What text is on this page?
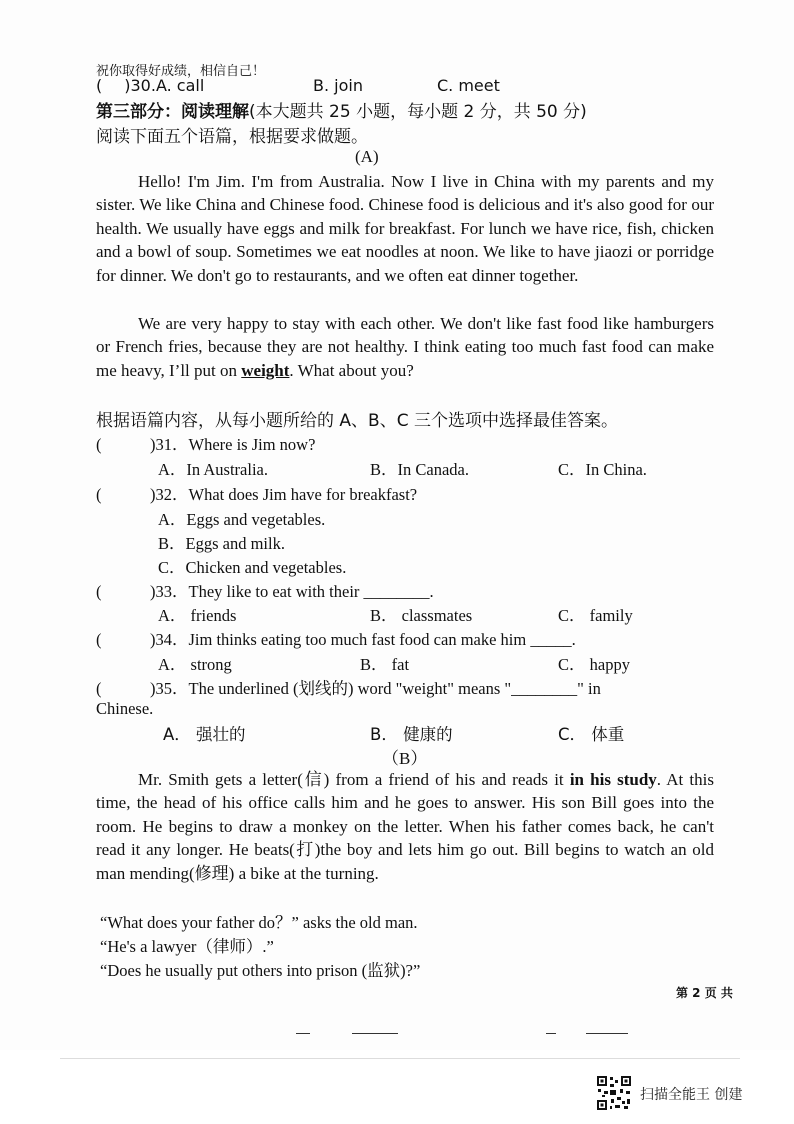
祝你取得好成绩，相信自己！
( )30.A. call	B. join	C. meet
第三部分：阅读理解(本大题共 25 小题，每小题 2 分，共 50 分)
阅读下面五个语篇，根据要求做题。
(A)
Hello! I'm Jim. I'm from Australia. Now I live in China with my parents and my sister. We like China and Chinese food. Chinese food is delicious and it's also good for our health. We usually have eggs and milk for breakfast. For lunch we have rice, fish, chicken and a bowl of soup. Sometimes we eat noodles at noon. We like to have jiaozi or porridge for dinner. We don't go to restaurants, and we often eat dinner together.
We are very happy to stay with each other. We don't like fast food like hamburgers or French fries, because they are not healthy. I think eating too much fast food can make me heavy, I’ll put on weight. What about you?
根据语篇内容，从每小题所给的 A、B、C 三个选项中选择最佳答案。
(	)31．Where is Jim now?
A．In Australia.	B．In Canada.	C．In China.
(	)32．What does Jim have for breakfast?
A．Eggs and vegetables.
B．Eggs and milk.
C．Chicken and vegetables.
(	)33．They like to eat with their ________.
A． friends	B． classmates	C． family
(	)34．Jim thinks eating too much fast food can make him _____.
A． strong	B． fat	C． happy
(	)35．The underlined (划线的) word "weight" means "________" in
Chinese.
A． 强壮的	B． 健康的	C． 体重
（B）
Mr. Smith gets a letter(信) from a friend of his and reads it in his study. At this time, the head of his office calls him and he goes to answer. His son Bill goes into the room. He begins to draw a monkey on the letter. When his father comes back, he can't read it any longer. He beats(打)the boy and lets him go out. Bill begins to watch an old man mending(修理) a bike at the turning.
“What does your father do？” asks the old man.
“He's a lawyer（律师）.”
“Does he usually put others into prison (监狱)?”
第 2 页 共
扫描全能王 创建
